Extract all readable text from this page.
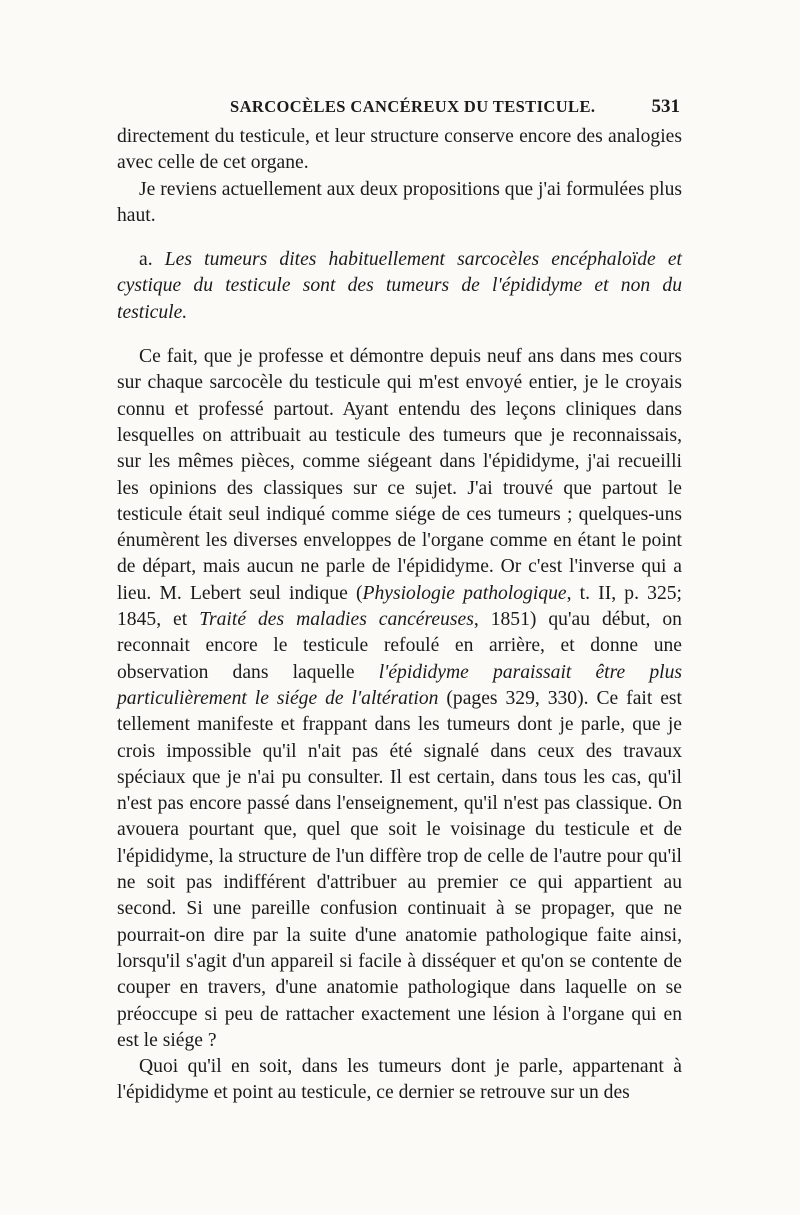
SARCOCÈLES CANCÉREUX DU TESTICULE.	531

directement du testicule, et leur structure conserve encore des analogies avec celle de cet organe.

Je reviens actuellement aux deux propositions que j'ai formulées plus haut.

a. Les tumeurs dites habituellement sarcocèles encéphaloïde et cystique du testicule sont des tumeurs de l'épididyme et non du testicule.

Ce fait, que je professe et démontre depuis neuf ans dans mes cours sur chaque sarcocèle du testicule qui m'est envoyé entier, je le croyais connu et professé partout. Ayant entendu des leçons cliniques dans lesquelles on attribuait au testicule des tumeurs que je reconnaissais, sur les mêmes pièces, comme siégeant dans l'épididyme, j'ai recueilli les opinions des classiques sur ce sujet. J'ai trouvé que partout le testicule était seul indiqué comme siége de ces tumeurs ; quelques-uns énumèrent les diverses enveloppes de l'organe comme en étant le point de départ, mais aucun ne parle de l'épididyme. Or c'est l'inverse qui a lieu. M. Lebert seul indique (Physiologie pathologique, t. II, p. 325; 1845, et Traité des maladies cancéreuses, 1851) qu'au début, on reconnait encore le testicule refoulé en arrière, et donne une observation dans laquelle l'épididyme paraissait être plus particulièrement le siége de l'altération (pages 329, 330). Ce fait est tellement manifeste et frappant dans les tumeurs dont je parle, que je crois impossible qu'il n'ait pas été signalé dans ceux des travaux spéciaux que je n'ai pu consulter. Il est certain, dans tous les cas, qu'il n'est pas encore passé dans l'enseignement, qu'il n'est pas classique. On avouera pourtant que, quel que soit le voisinage du testicule et de l'épididyme, la structure de l'un diffère trop de celle de l'autre pour qu'il ne soit pas indifférent d'attribuer au premier ce qui appartient au second. Si une pareille confusion continuait à se propager, que ne pourrait-on dire par la suite d'une anatomie pathologique faite ainsi, lorsqu'il s'agit d'un appareil si facile à disséquer et qu'on se contente de couper en travers, d'une anatomie pathologique dans laquelle on se préoccupe si peu de rattacher exactement une lésion à l'organe qui en est le siége ?

Quoi qu'il en soit, dans les tumeurs dont je parle, appartenant à l'épididyme et point au testicule, ce dernier se retrouve sur un des
